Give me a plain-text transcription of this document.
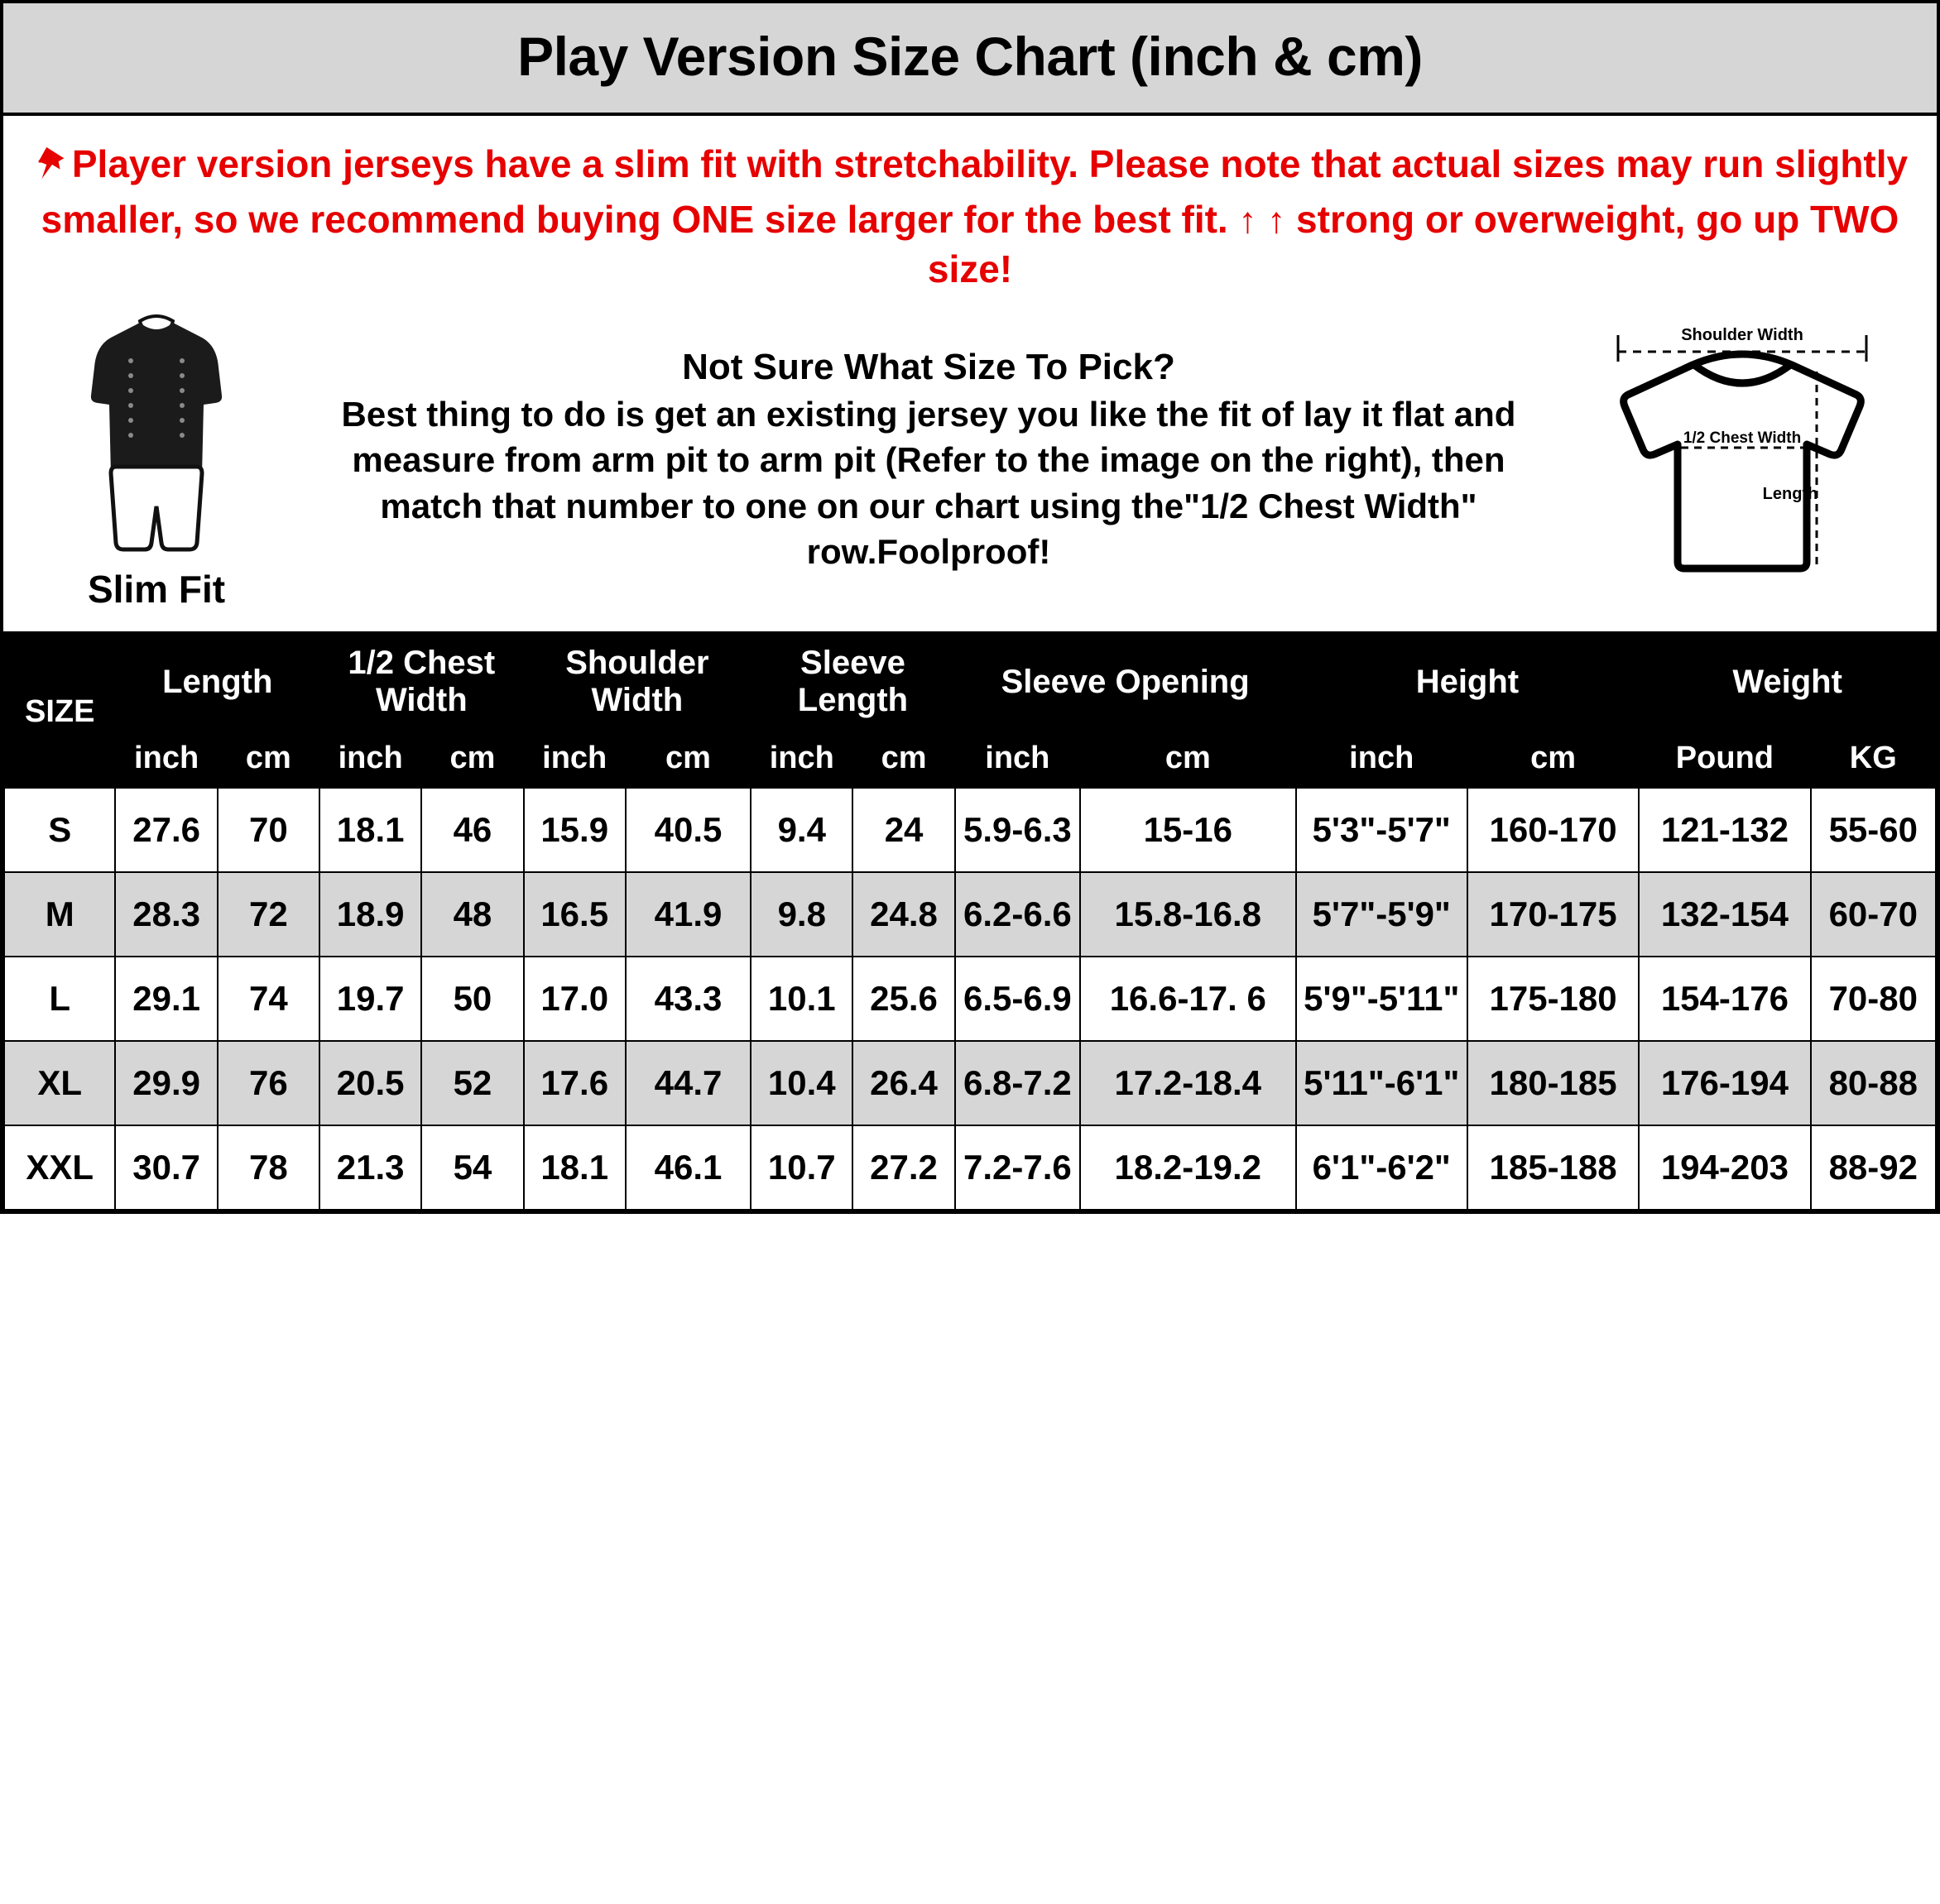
Play Version Size Chart (inch & cm)
Player version jerseys have a slim fit with stretchability. Please note that actual sizes may run slightly smaller, so we recommend buying ONE size larger for the best fit. ↑ ↑ strong or overweight, go up TWO size!
Slim Fit
Not Sure What Size To Pick?
Best thing to do is get an existing jersey you like the fit of lay it flat and measure from arm pit to arm pit (Refer to the image on the right), then match that number to one on our chart using the"1/2 Chest Width" row.Foolproof!
Shoulder Width
1/2 Chest Width
Length
SIZE	Length		1/2 Chest Width		Shoulder Width		Sleeve Length		Sleeve Opening		Height		Weight	
	inch	cm	inch	cm	inch	cm	inch	cm	inch	cm	inch	cm	Pound	KG
S	27.6	70	18.1	46	15.9	40.5	9.4	24	5.9-6.3	15-16	5'3"-5'7"	160-170	121-132	55-60
M	28.3	72	18.9	48	16.5	41.9	9.8	24.8	6.2-6.6	15.8-16.8	5'7"-5'9"	170-175	132-154	60-70
L	29.1	74	19.7	50	17.0	43.3	10.1	25.6	6.5-6.9	16.6-17. 6	5'9"-5'11"	175-180	154-176	70-80
XL	29.9	76	20.5	52	17.6	44.7	10.4	26.4	6.8-7.2	17.2-18.4	5'11"-6'1"	180-185	176-194	80-88
XXL	30.7	78	21.3	54	18.1	46.1	10.7	27.2	7.2-7.6	18.2-19.2	6'1"-6'2"	185-188	194-203	88-92
